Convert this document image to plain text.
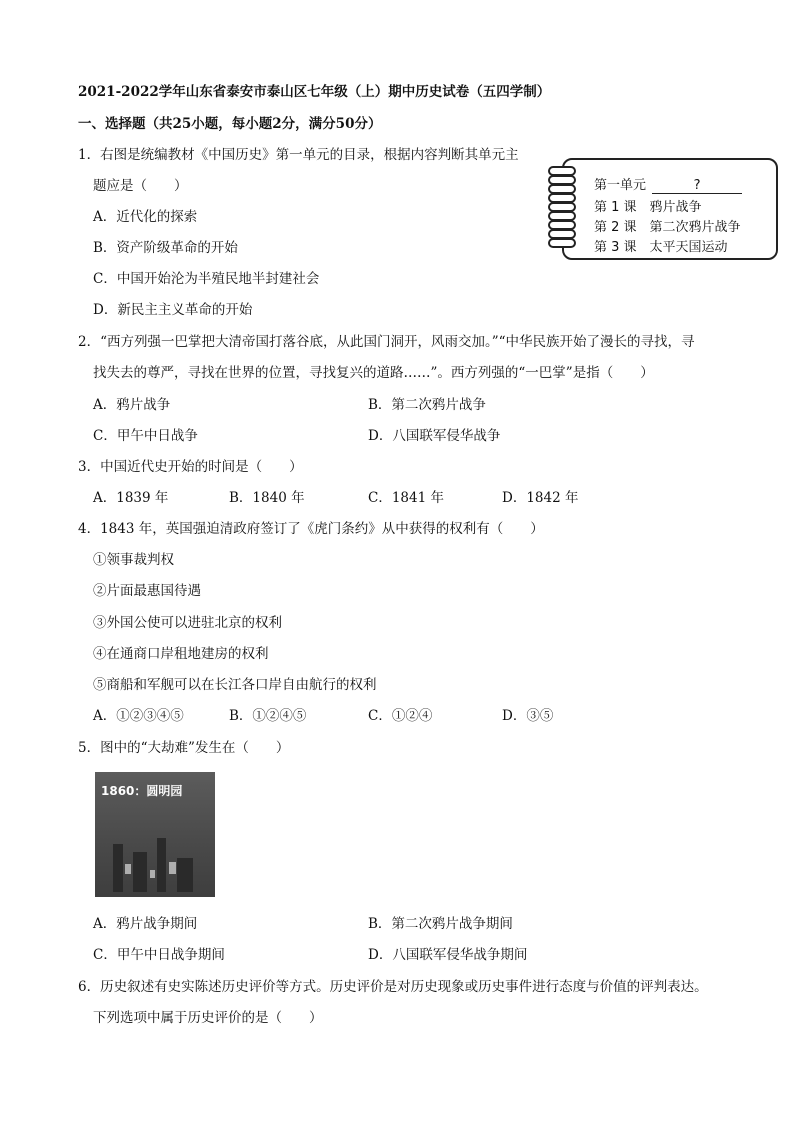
2021-2022学年山东省泰安市泰山区七年级（上）期中历史试卷（五四学制）
一、选择题（共25小题，每小题2分，满分50分）
1．右图是统编教材《中国历史》第一单元的目录，根据内容判断其单元主
题应是（　　）
A．近代化的探索
B．资产阶级革命的开始
C．中国开始沦为半殖民地半封建社会
D．新民主主义革命的开始
第一单元	?
第 1 课　鸦片战争
第 2 课　第二次鸦片战争
第 3 课　太平天国运动
2．“西方列强一巴掌把大清帝国打落谷底，从此国门洞开，风雨交加。”“中华民族开始了漫长的寻找，寻
找失去的尊严，寻找在世界的位置，寻找复兴的道路……”。西方列强的“一巴掌”是指（　　）
A．鸦片战争	B．第二次鸦片战争
C．甲午中日战争	D．八国联军侵华战争
3．中国近代史开始的时间是（　　）
A．1839 年	B．1840 年	C．1841 年	D．1842 年
4．1843 年，英国强迫清政府签订了《虎门条约》从中获得的权利有（　　）
①领事裁判权
②片面最惠国待遇
③外国公使可以进驻北京的权利
④在通商口岸租地建房的权利
⑤商船和军舰可以在长江各口岸自由航行的权利
A．①②③④⑤	B．①②④⑤	C．①②④	D．③⑤
5．图中的“大劫难”发生在（　　）
1860：圆明园
A．鸦片战争期间	B．第二次鸦片战争期间
C．甲午中日战争期间	D．八国联军侵华战争期间
6．历史叙述有史实陈述历史评价等方式。历史评价是对历史现象或历史事件进行态度与价值的评判表达。
下列选项中属于历史评价的是（　　）
